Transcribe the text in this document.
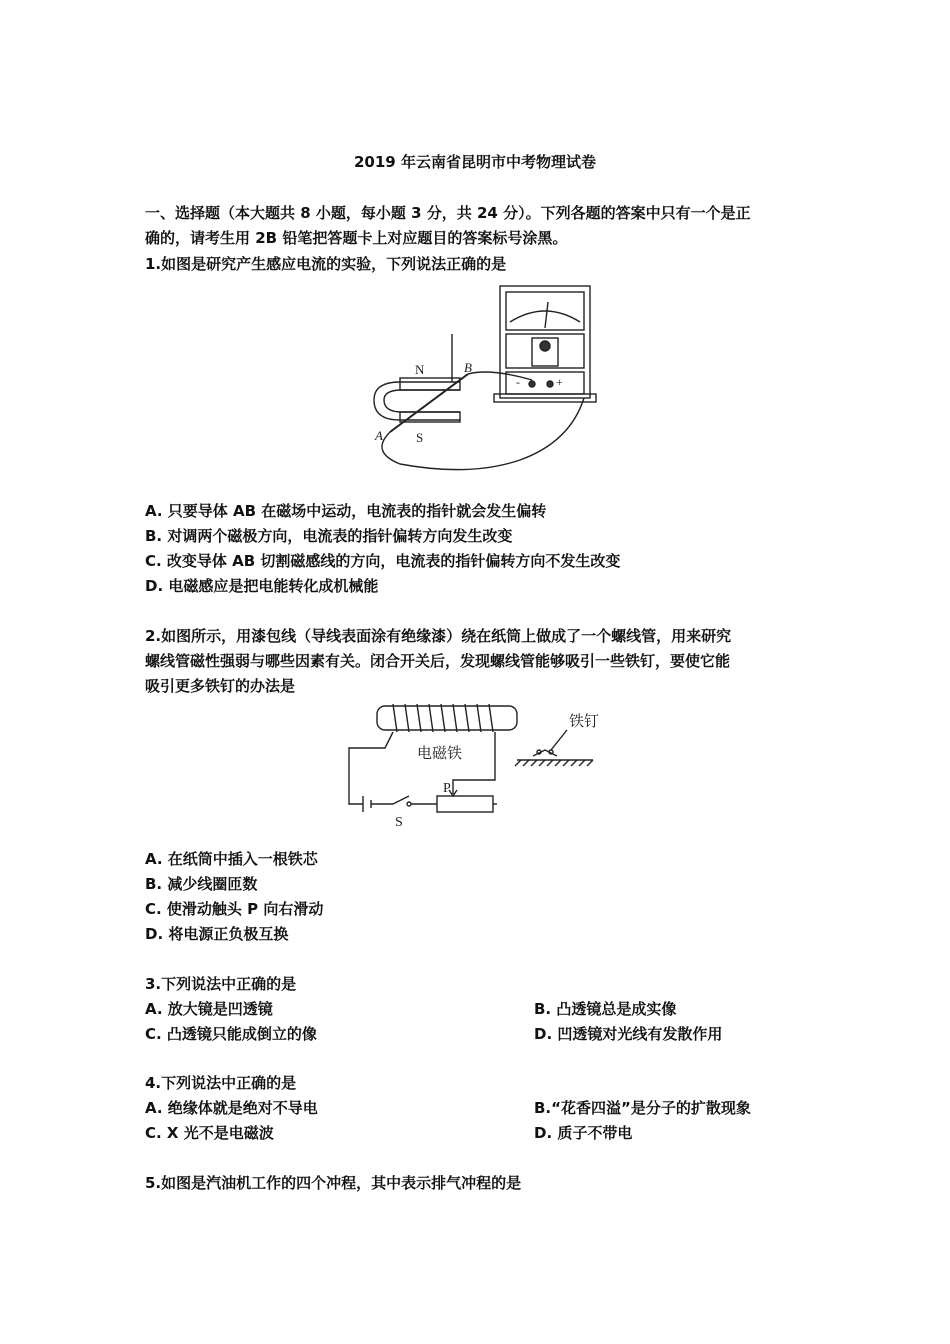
2019 年云南省昆明市中考物理试卷
一、选择题（本大题共 8 小题，每小题 3 分，共 24 分）。下列各题的答案中只有一个是正
确的，请考生用 2B 铅笔把答题卡上对应题目的答案标号涂黑。
1.如图是研究产生感应电流的实验，下列说法正确的是
N
S
A
B
-	+
A. 只要导体 AB 在磁场中运动，电流表的指针就会发生偏转
B. 对调两个磁极方向，电流表的指针偏转方向发生改变
C. 改变导体 AB 切割磁感线的方向，电流表的指针偏转方向不发生改变
D. 电磁感应是把电能转化成机械能
2.如图所示，用漆包线（导线表面涂有绝缘漆）绕在纸筒上做成了一个螺线管，用来研究
螺线管磁性强弱与哪些因素有关。闭合开关后，发现螺线管能够吸引一些铁钉，要使它能
吸引更多铁钉的办法是
电磁铁
铁钉
P
S
A. 在纸筒中插入一根铁芯
B. 减少线圈匝数
C. 使滑动触头 P 向右滑动
D. 将电源正负极互换
3.下列说法中正确的是
A. 放大镜是凹透镜	B. 凸透镜总是成实像
C. 凸透镜只能成倒立的像	D. 凹透镜对光线有发散作用
4.下列说法中正确的是
A. 绝缘体就是绝对不导电	B.“花香四溢”是分子的扩散现象
C. X 光不是电磁波	D. 质子不带电
5.如图是汽油机工作的四个冲程，其中表示排气冲程的是
